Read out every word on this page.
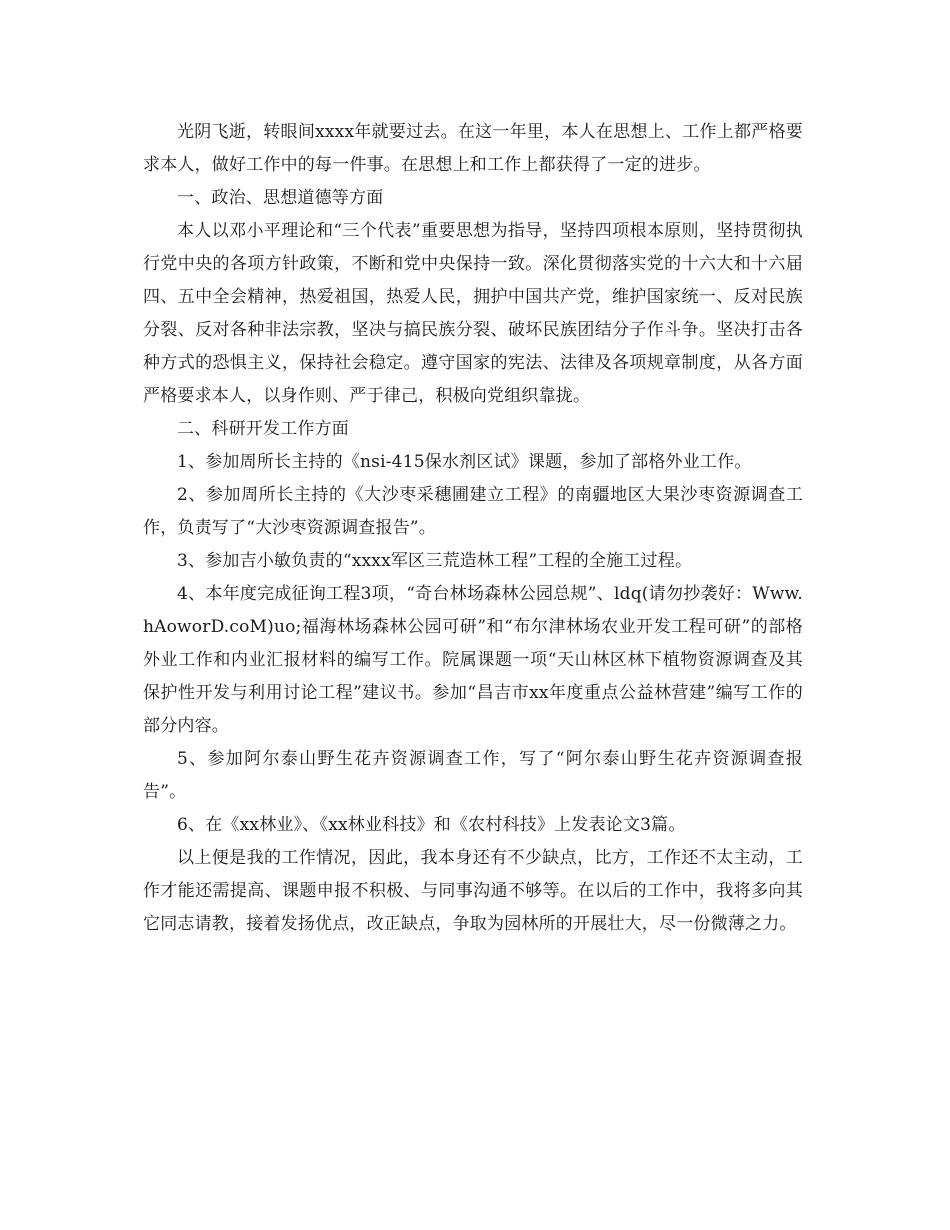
光阴飞逝，转眼间xxxx年就要过去。在这一年里，本人在思想上、工作上都严格要求本人，做好工作中的每一件事。在思想上和工作上都获得了一定的进步。

一、政治、思想道德等方面

本人以邓小平理论和“三个代表”重要思想为指导，坚持四项根本原则，坚持贯彻执行党中央的各项方针政策，不断和党中央保持一致。深化贯彻落实党的十六大和十六届四、五中全会精神，热爱祖国，热爱人民，拥护中国共产党，维护国家统一、反对民族分裂、反对各种非法宗教，坚决与搞民族分裂、破坏民族团结分子作斗争。坚决打击各种方式的恐惧主义，保持社会稳定。遵守国家的宪法、法律及各项规章制度，从各方面严格要求本人，以身作则、严于律己，积极向党组织靠拢。

二、科研开发工作方面

1、参加周所长主持的《nsi-415保水剂区试》课题，参加了部格外业工作。

2、参加周所长主持的《大沙枣采穗圃建立工程》的南疆地区大果沙枣资源调查工作，负责写了“大沙枣资源调查报告”。

3、参加吉小敏负责的“xxxx军区三荒造林工程”工程的全施工过程。

4、本年度完成征询工程3项，“奇台林场森林公园总规”、ldq(请勿抄袭好：Www.hAoworD.coM)uo;福海林场森林公园可研”和“布尔津林场农业开发工程可研”的部格外业工作和内业汇报材料的编写工作。院属课题一项“天山林区林下植物资源调查及其保护性开发与利用讨论工程”建议书。参加“昌吉市xx年度重点公益林营建”编写工作的部分内容。

5、参加阿尔泰山野生花卉资源调查工作，写了“阿尔泰山野生花卉资源调查报告”。

6、在《xx林业》、《xx林业科技》和《农村科技》上发表论文3篇。

以上便是我的工作情况，因此，我本身还有不少缺点，比方，工作还不太主动，工作才能还需提高、课题申报不积极、与同事沟通不够等。在以后的工作中，我将多向其它同志请教，接着发扬优点，改正缺点，争取为园林所的开展壮大，尽一份微薄之力。
